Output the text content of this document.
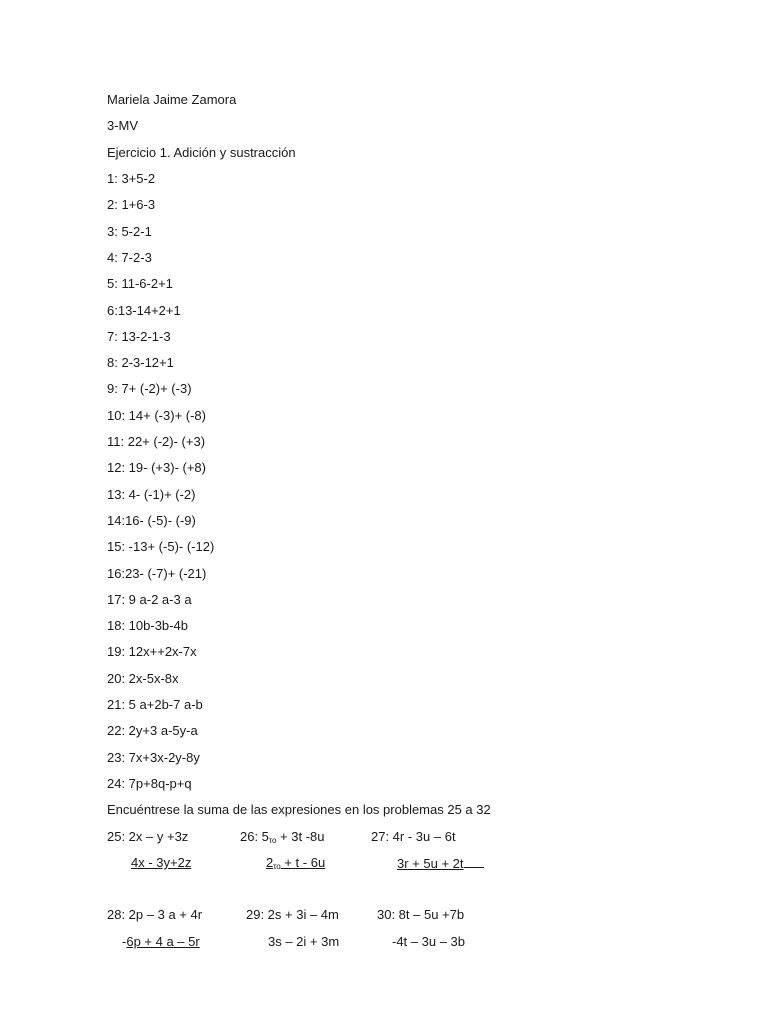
Mariela Jaime Zamora
3-MV
Ejercicio 1. Adición y sustracción
1: 3+5-2
2: 1+6-3
3: 5-2-1
4: 7-2-3
5: 11-6-2+1
6:13-14+2+1
7: 13-2-1-3
8: 2-3-12+1
9: 7+ (-2)+ (-3)
10: 14+ (-3)+ (-8)
11: 22+ (-2)- (+3)
12: 19- (+3)- (+8)
13: 4- (-1)+ (-2)
14:16- (-5)- (-9)
15: -13+ (-5)- (-12)
16:23- (-7)+ (-21)
17: 9 a-2 a-3 a
18: 10b-3b-4b
19: 12x++2x-7x
20: 2x-5x-8x
21: 5 a+2b-7 a-b
22: 2y+3 a-5y-a
23: 7x+3x-2y-8y
24: 7p+8q-p+q
Encuéntrese la suma de las expresiones en los problemas 25 a 32
25: 2x – y +3z
4x - 3y+2z
26: $5_{\tau o} + 3t$ -8u
$2_{\tau o} + t - 6u$
27: 4r - 3u – 6t
3r + 5u + 2t
28: 2p – 3 a + 4r
-6p + 4 a – 5r
29: 2s + 3i – 4m
3s – 2i + 3m
30: 8t – 5u +7b
-4t – 3u – 3b
